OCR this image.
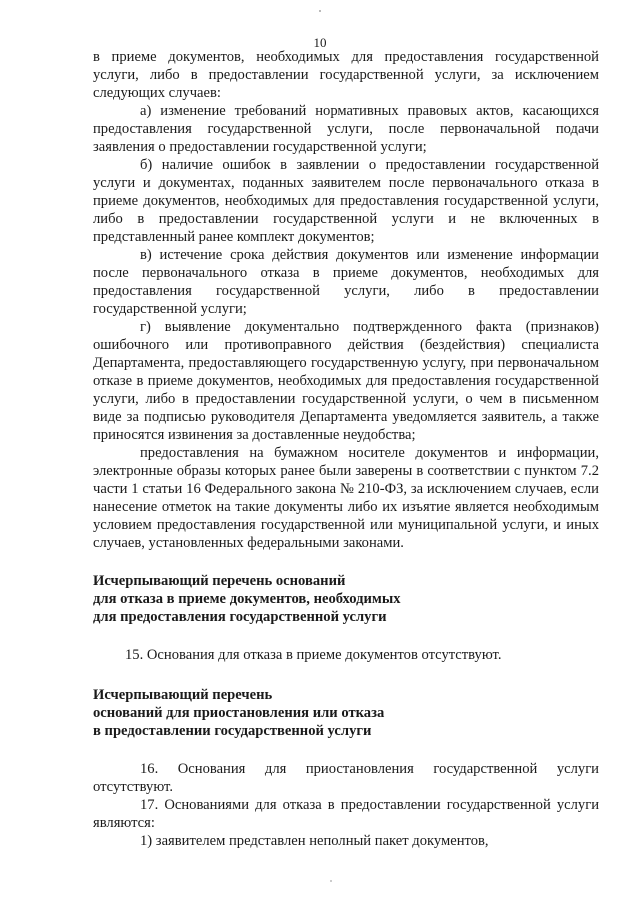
10

в приеме документов, необходимых для предоставления государственной услуги, либо в предоставлении государственной услуги, за исключением следующих случаев:

а) изменение требований нормативных правовых актов, касающихся предоставления государственной услуги, после первоначальной подачи заявления о предоставлении государственной услуги;

б) наличие ошибок в заявлении о предоставлении государственной услуги и документах, поданных заявителем после первоначального отказа в приеме документов, необходимых для предоставления государственной услуги, либо в предоставлении государственной услуги и не включенных в представленный ранее комплект документов;

в) истечение срока действия документов или изменение информации после первоначального отказа в приеме документов, необходимых для предоставления государственной услуги, либо в предоставлении государственной услуги;

г) выявление документально подтвержденного факта (признаков) ошибочного или противоправного действия (бездействия) специалиста Департамента, предоставляющего государственную услугу, при первоначальном отказе в приеме документов, необходимых для предоставления государственной услуги, либо в предоставлении государственной услуги, о чем в письменном виде за подписью руководителя Департамента уведомляется заявитель, а также приносятся извинения за доставленные неудобства;

предоставления на бумажном носителе документов и информации, электронные образы которых ранее были заверены в соответствии с пунктом 7.2 части 1 статьи 16 Федерального закона № 210-ФЗ, за исключением случаев, если нанесение отметок на такие документы либо их изъятие является необходимым условием предоставления государственной или муниципальной услуги, и иных случаев, установленных федеральными законами.

Исчерпывающий перечень оснований

для отказа в приеме документов, необходимых

для предоставления государственной услуги

15. Основания для отказа в приеме документов отсутствуют.

Исчерпывающий перечень

оснований для приостановления или отказа

в предоставлении государственной услуги

16. Основания для приостановления государственной услуги отсутствуют.

17. Основаниями для отказа в предоставлении государственной услуги являются:

1) заявителем представлен неполный пакет документов,
